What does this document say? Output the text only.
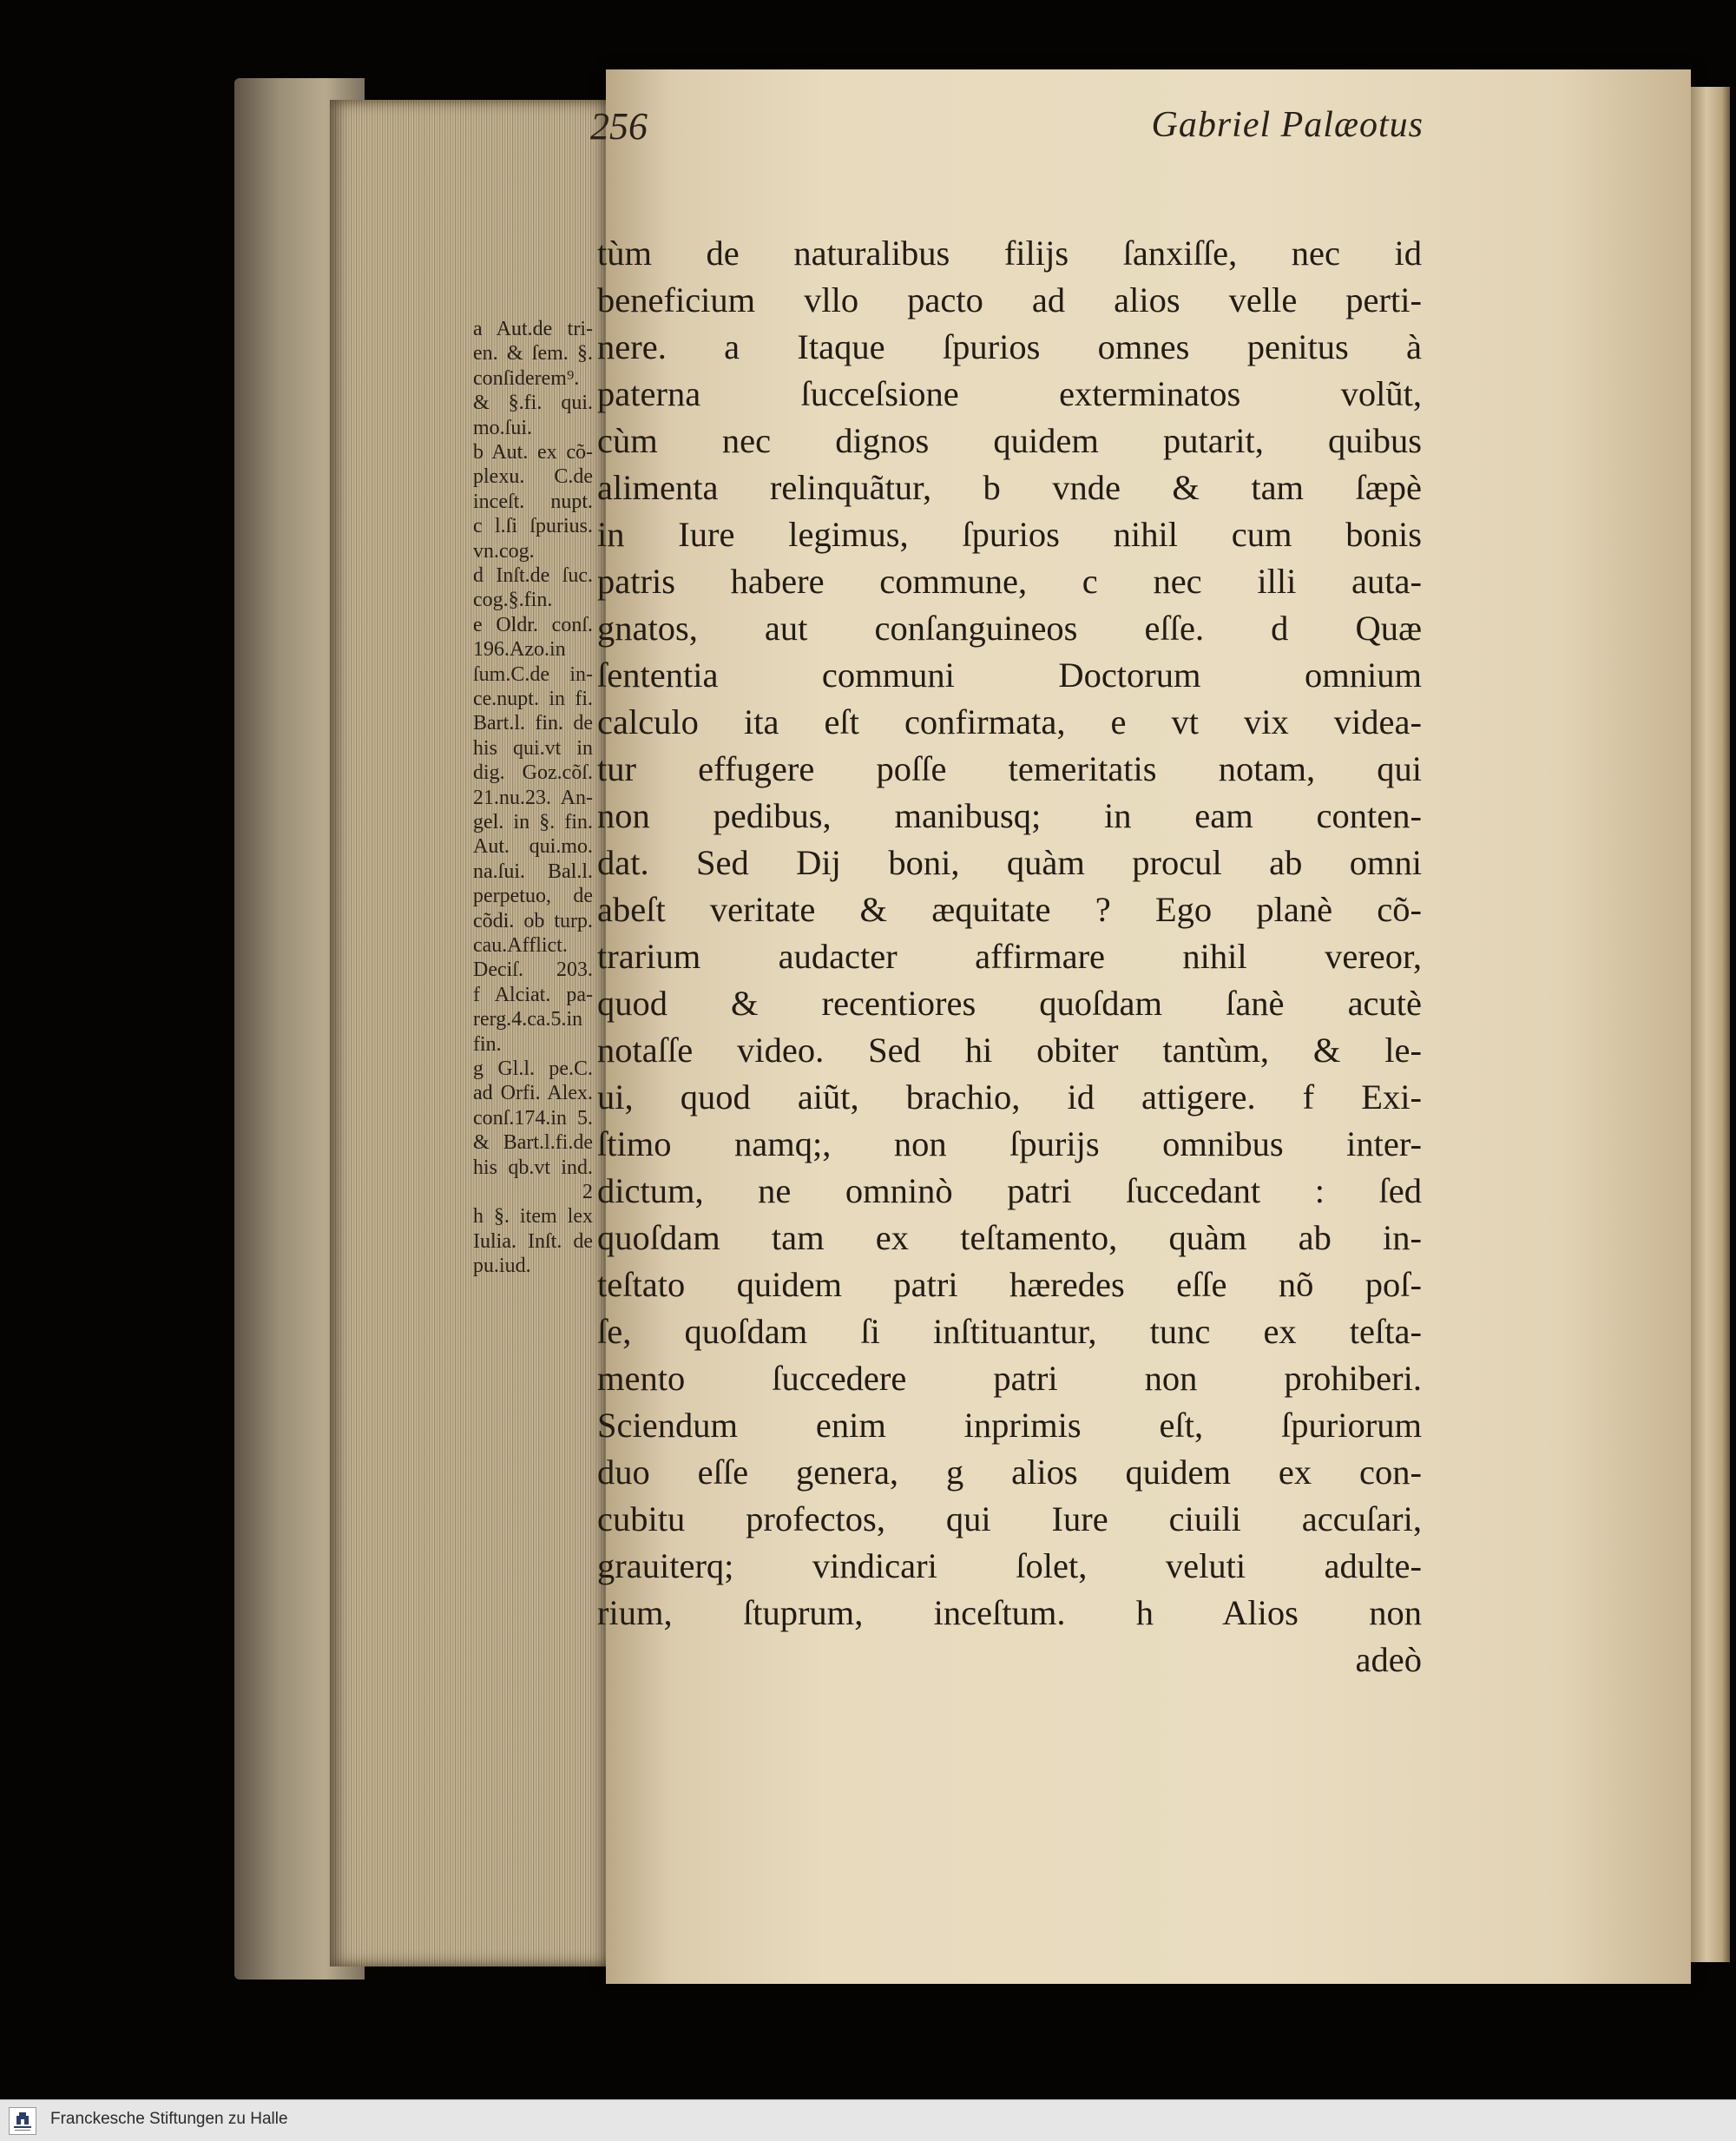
256	Gabriel Palæotus
a Aut.de tri-
en. & ſem. §.
conſiderem⁹.
& §.fi. qui.
mo.ſui.
b Aut. ex cõ-
plexu. C.de
inceſt. nupt.
c l.ſi ſpurius.
vn.cog.
d Inſt.de ſuc.
cog.§.fin.
e Oldr. conſ.
196.Azo.in
ſum.C.de in-
ce.nupt. in fi.
Bart.l. fin. de
his qui.vt in
dig. Goz.cõſ.
21.nu.23. An-
gel. in §. fin.
Aut. qui.mo.
na.ſui. Bal.l.
perpetuo, de
cõdi. ob turp.
cau.Afflict.
Deciſ. 203.
f Alciat. pa-
rerg.4.ca.5.in
fin.
g Gl.l. pe.C.
ad Orfi. Alex.
conſ.174.in 5.
& Bart.l.fi.de
his qb.vt ind.
2
h §. item lex
Iulia. Inſt. de
pu.iud.
tùm de naturalibus filijs ſanxiſſe, nec id
beneficium vllo pacto ad alios velle perti-
nere. a Itaque ſpurios omnes penitus à
paterna ſucceſsione exterminatos volũt,
cùm nec dignos quidem putarit, quibus
alimenta relinquãtur, b vnde & tam ſæpè
in Iure legimus, ſpurios nihil cum bonis
patris habere commune, c nec illi auta-
gnatos, aut conſanguineos eſſe. d Quæ
ſententia communi Doctorum omnium
calculo ita eſt confirmata, e vt vix videa-
tur effugere poſſe temeritatis notam, qui
non pedibus, manibusq; in eam conten-
dat. Sed Dij boni, quàm procul ab omni
abeſt veritate & æquitate ? Ego planè cõ-
trarium audacter affirmare nihil vereor,
quod & recentiores quoſdam ſanè acutè
notaſſe video. Sed hi obiter tantùm, & le-
ui, quod aiũt, brachio, id attigere. f Exi-
ſtimo namq;, non ſpurijs omnibus inter-
dictum, ne omninò patri ſuccedant : ſed
quoſdam tam ex teſtamento, quàm ab in-
teſtato quidem patri hæredes eſſe nõ poſ-
ſe, quoſdam ſi inſtituantur, tunc ex teſta-
mento ſuccedere patri non prohiberi.
Sciendum enim inprimis eſt, ſpuriorum
duo eſſe genera, g alios quidem ex con-
cubitu profectos, qui Iure ciuili accuſari,
grauiterq; vindicari ſolet, veluti adulte-
rium, ſtuprum, inceſtum. h Alios non
adeò
Franckesche Stiftungen zu Halle
